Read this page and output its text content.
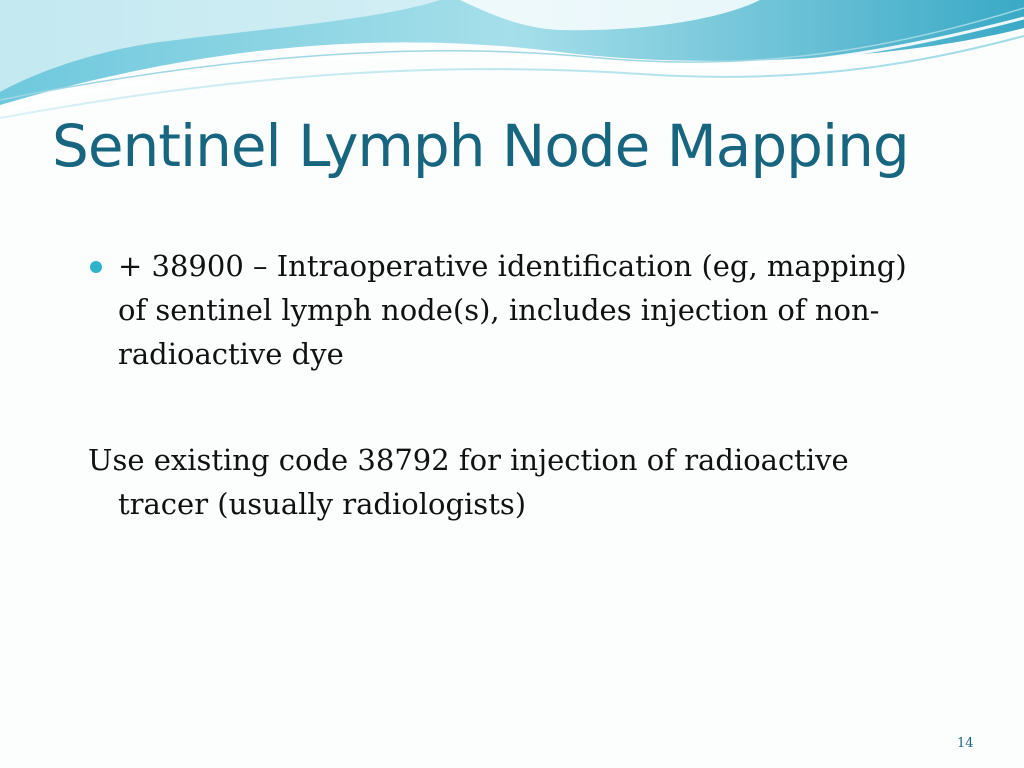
Sentinel Lymph Node Mapping
+ 38900 – Intraoperative identification (eg, mapping) of sentinel lymph node(s), includes injection of non-radioactive dye
Use existing code 38792 for injection of radioactive tracer (usually radiologists)
14
